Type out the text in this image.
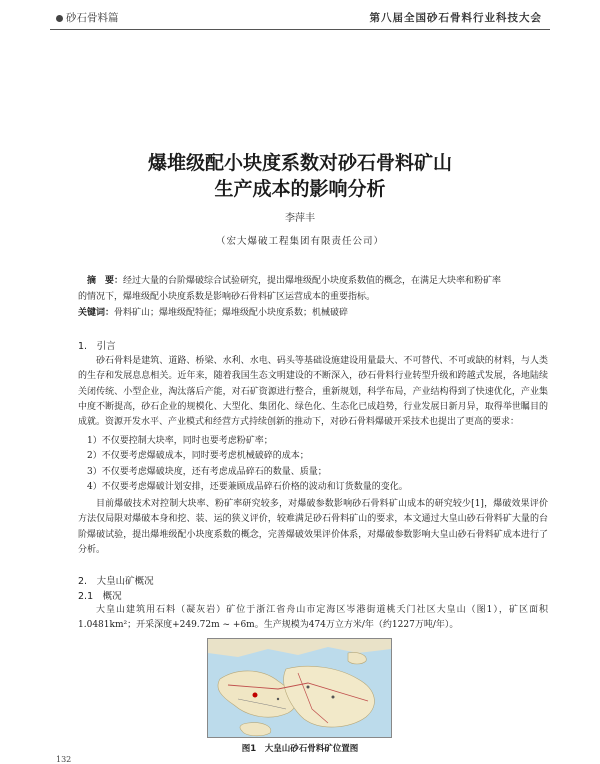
砂石骨料篇	第八届全国砂石骨料行业科技大会
爆堆级配小块度系数对砂石骨料矿山
生产成本的影响分析
李萍丰
（宏大爆破工程集团有限责任公司）
摘　要：经过大量的台阶爆破综合试验研究，提出爆堆级配小块度系数值的概念，在满足大块率和粉矿率
的情况下，爆堆级配小块度系数是影响砂石骨料矿区运营成本的重要指标。
关键词：骨料矿山；爆堆级配特征；爆堆级配小块度系数；机械破碎
1.　引言
砂石骨料是建筑、道路、桥梁、水利、水电、码头等基础设施建设用量最大、不可替代、不可或缺的材料，与人类的生存和发展息息相关。近年来，随着我国生态文明建设的不断深入，砂石骨料行业转型升级和跨越式发展，各地陆续关闭传统、小型企业，淘汰落后产能，对石矿资源进行整合，重新规划，科学布局，产业结构得到了快速优化，产业集中度不断提高，砂石企业的规模化、大型化、集团化、绿色化、生态化已成趋势，行业发展日新月异，取得举世瞩目的成就。资源开发水平、产业模式和经营方式持续创新的推动下，对砂石骨料爆破开采技术也提出了更高的要求：
1）不仅要控制大块率，同时也要考虑粉矿率；
2）不仅要考虑爆破成本，同时要考虑机械破碎的成本；
3）不仅要考虑爆破块度，还有考虑成品碎石的数量、质量；
4）不仅要考虑爆破计划安排，还要兼顾成品碎石价格的波动和订货数量的变化。
目前爆破技术对控制大块率、粉矿率研究较多，对爆破参数影响砂石骨料矿山成本的研究较少[1]，爆破效果评价方法仅局限对爆破本身和挖、装、运的狭义评价，较难满足砂石骨料矿山的要求，本文通过大皇山砂石骨料矿大量的台阶爆破试验，提出爆堆级配小块度系数的概念，完善爆破效果评价体系，对爆破参数影响大皇山砂石骨料矿成本进行了分析。
2.　大皇山矿概况
2.1　概况
大皇山建筑用石料（凝灰岩）矿位于浙江省舟山市定海区岑港街道桃夭门社区大皇山（图1），矿区面积1.0481km²；开采深度+249.72m ~ +6m。生产规模为474万立方米/年（约1227万吨/年）。
图1　大皇山砂石骨料矿位置图
132
